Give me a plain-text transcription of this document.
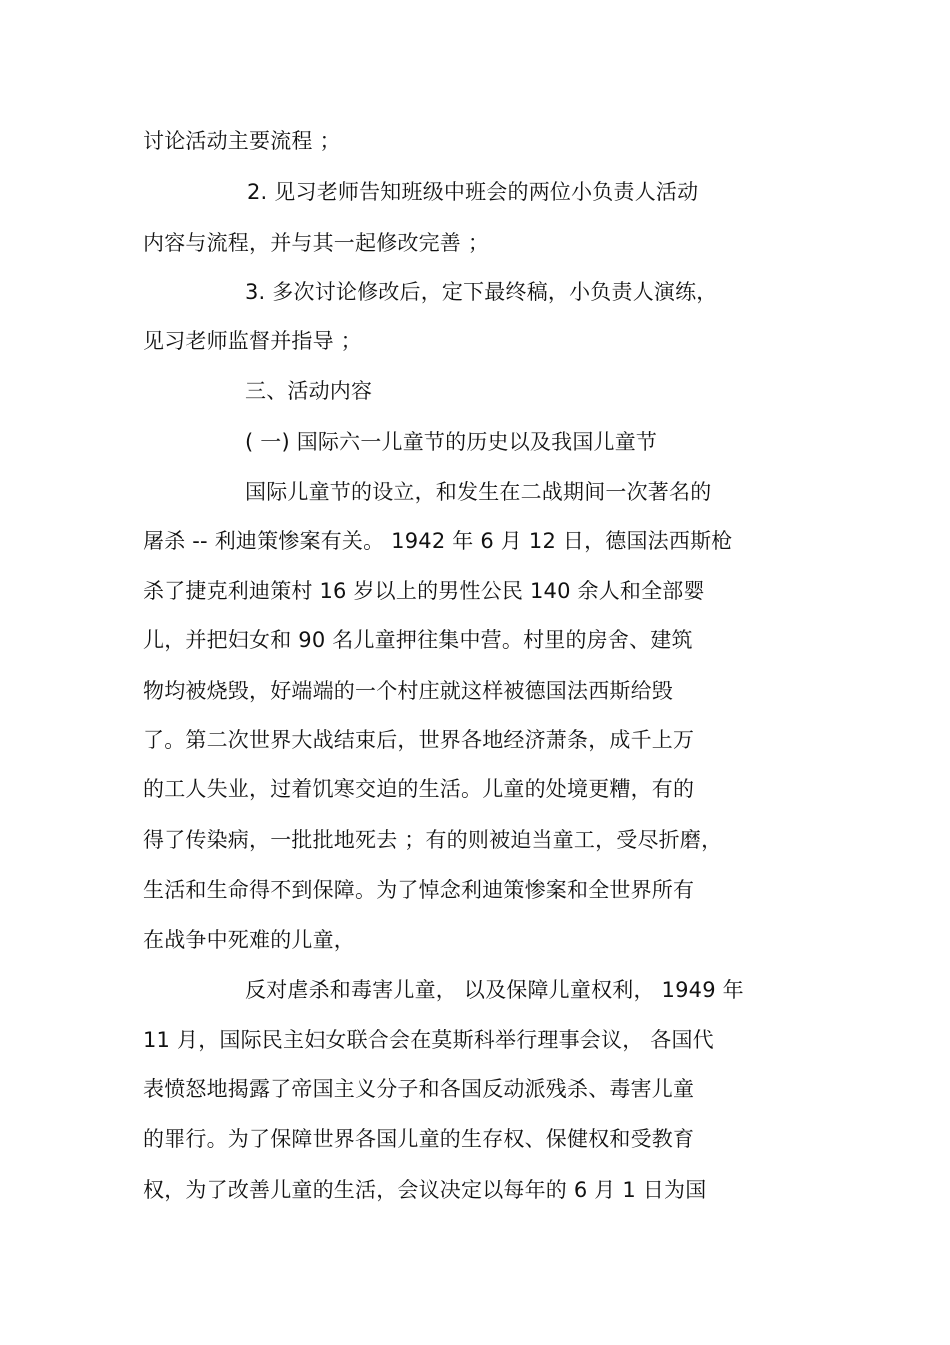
讨论活动主要流程 ；
2. 见习老师告知班级中班会的两位小负责人活动
内容与流程，并与其一起修改完善 ；
3. 多次讨论修改后，定下最终稿，小负责人演练，
见习老师监督并指导 ；
三、活动内容
( 一) 国际六一儿童节的历史以及我国儿童节
国际儿童节的设立，和发生在二战期间一次著名的
屠杀 -- 利迪策惨案有关。 1942 年 6 月 12 日，德国法西斯枪
杀了捷克利迪策村 16 岁以上的男性公民 140 余人和全部婴
儿，并把妇女和 90 名儿童押往集中营。村里的房舍、建筑
物均被烧毁，好端端的一个村庄就这样被德国法西斯给毁
了。第二次世界大战结束后，世界各地经济萧条，成千上万
的工人失业，过着饥寒交迫的生活。儿童的处境更糟，有的
得了传染病，一批批地死去 ；有的则被迫当童工，受尽折磨，
生活和生命得不到保障。为了悼念利迪策惨案和全世界所有
在战争中死难的儿童，
反对虐杀和毒害儿童， 以及保障儿童权利， 1949 年
11 月，国际民主妇女联合会在莫斯科举行理事会议， 各国代
表愤怒地揭露了帝国主义分子和各国反动派残杀、毒害儿童
的罪行。为了保障世界各国儿童的生存权、保健权和受教育
权，为了改善儿童的生活，会议决定以每年的 6 月 1 日为国
